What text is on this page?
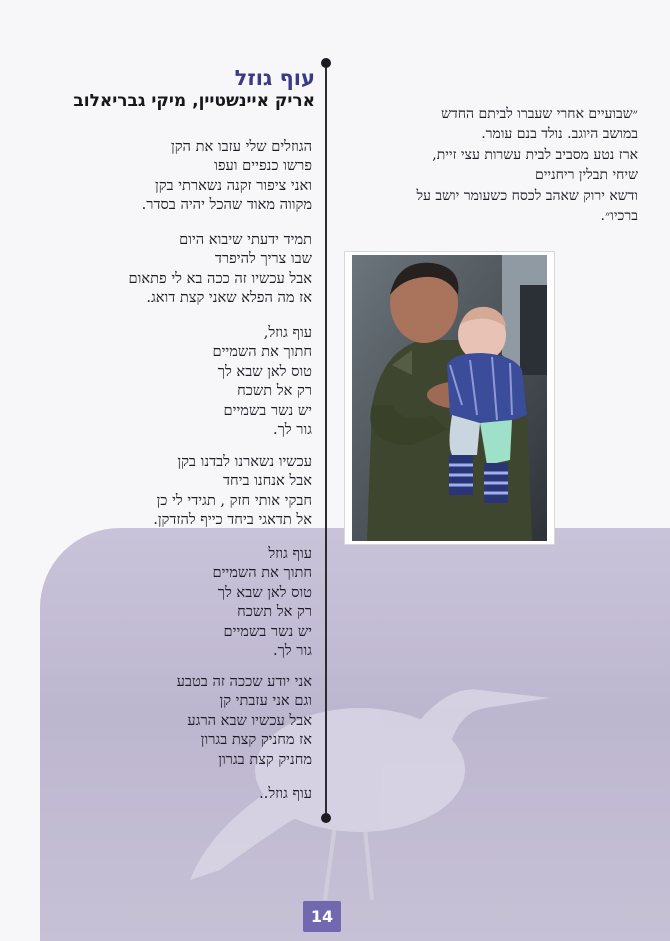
עוף גוזל
אריק איינשטיין, מיקי גבריאלוב
הגוזלים שלי עזבו את הקן
פרשו כנפיים ועפו
ואני ציפור זקנה נשארתי בקן
מקווה מאוד שהכל יהיה בסדר.
תמיד ידעתי שיבוא היום
שבו צריך להיפרד
אבל עכשיו זה ככה בא לי פתאום
אז מה הפלא שאני קצת דואג.
עוף גוזל,
חתוך את השמיים
טוס לאן שבא לך
רק אל תשכח
יש נשר בשמיים
גור לך.
עכשיו נשארנו לבדנו בקן
אבל אנחנו ביחד
חבקי אותי חזק , תגידי לי כן
אל תדאגי ביחד כייף להזדקן.
עוף גוזל
חתוך את השמיים
טוס לאן שבא לך
רק אל תשכח
יש נשר בשמיים
גור לך.
אני יודע שככה זה בטבע
וגם אני עזבתי קן
אבל עכשיו שבא הרגע
אז מחניק קצת בגרון
מחניק קצת בגרון
עוף גוזל..
״שבועיים אחרי שעברו לביתם החדש
במושב היוגב. נולד בנם עומר.
ארז נטע מסביב לבית עשרות עצי זיית,
שיחי תבלין ריחניים
ודשא ירוק שאהב לכסח כשעומר יושב על
ברכיו״.
14
